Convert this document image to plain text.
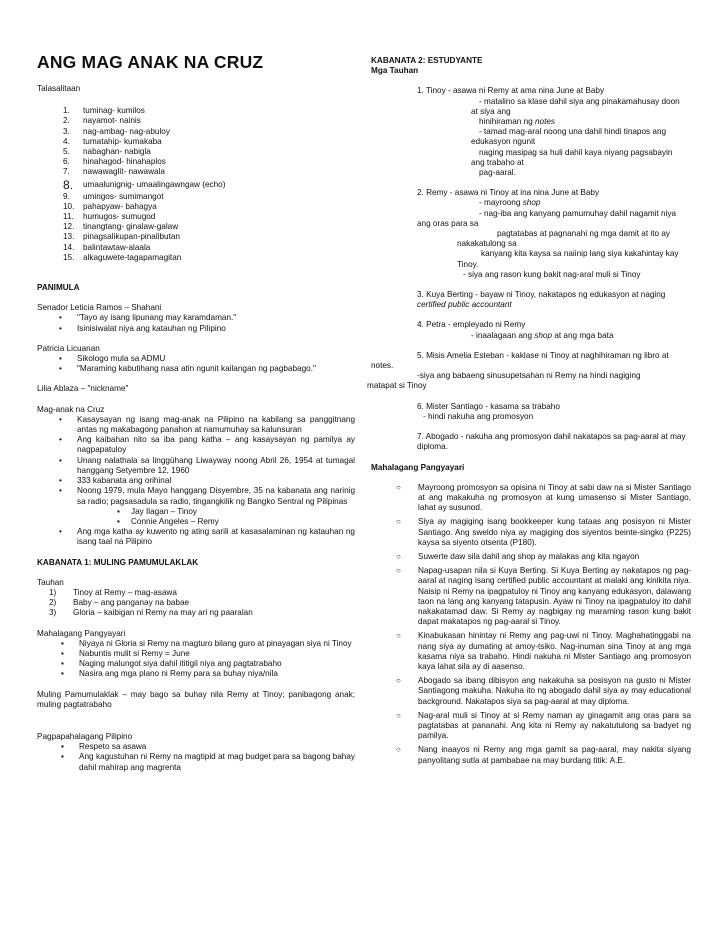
ANG MAG ANAK NA CRUZ

Talasalitaan

1.	tuminag- kumilos
2.	nayamot- nainis
3.	nag-ambag- nag-abuloy
4.	tumatahip- kumakaba
5.	nabaghan- nabigla
6.	hinahagod- hinahaplos
7.	nawawaglit- nawawala
8.	umaalunignig- umaalingawngaw (echo)
9.	umingos- sumimangot
10.	pahapyaw- bahagya
11.	humugos- sumugod
12.	tinangtang- ginalaw-galaw
13.	pinagsalikupan-pinalibutan
14.	balintawtaw-alaala
15.	alkaguwete-tagapamagitan

PANIMULA

Senador Leticia Ramos – Shahani

• "Tayo ay isang lipunang may karamdaman."
• Isinisiwalat niya ang katauhan ng Pilipino

Patricia Licuanan

• Sikologo mula sa ADMU
• "Maraming kabutihang nasa atin ngunit kailangan ng pagbabago."

Lilia Ablaza – "nickname"

Mag-anak na Cruz

• Kasaysayan ng isang mag-anak na Pilipino na kabilang sa panggitnang antas ng makabagong panahon at namumuhay sa kalunsuran
• Ang kaibahan nito sa iba pang katha – ang kasaysayan ng pamilya ay nagpapatuloy
• Unang nalathala sa linggühang Liwayway noong Abril 26, 1954 at tumagal hanggang Setyembre 12, 1960
• 333 kabanata ang orihinal
• Noong 1979, mula Mayo hanggang Disyembre, 35 na kabanata ang narinig sa radio; pagsasadula sa radio, tingangkilik ng Bangko Sentral ng Pilipinas
▪ Jay Ilagan – Tinoy
▪ Connie Angeles – Remy
• Ang mga katha ay kuwento ng ating sarili at kasasalaminan ng katauhan ng isang taal na Pilipino

KABANATA 1: MULING PAMUMULAKLAK

Tauhan

1)	Tinoy at Remy – mag-asawa
2)	Baby – ang panganay na babae
3)	Gloria – kaibigan ni Remy na may ari ng paaralan

Mahalagang Pangyayari

▪ Niyaya ni Gloria si Remy na magturo bilang guro at pinayagan siya ni Tinoy
▪ Nabuntis mulit si Remy = June
▪ Naging malungot siya dahil ititigil niya ang pagtatrabaho
▪ Nasira ang mga plano ni Remy para sa buhay niya/nila

Muling Pamumulaklak – may bago sa buhay nila Remy at Tinoy; panibagong anak; muling pagtatrabaho

Pagpapahalagang Pilipino

▪ Respeto sa asawa
▪ Ang kagustuhan ni Remy na magtipid at mag budget para sa bagong bahay dahil mahirap ang magrenta

KABANATA 2: ESTUDYANTE

Mga Tauhan

1. Tinoy - asawa ni Remy at ama nina June at Baby

- matalino sa klase dahil siya ang pinakamahusay doon

at siya ang

hinihiraman ng notes

- tamad mag-aral noong una dahil hindi tinapos ang

edukasyon ngunit

naging masipag sa huli dahil kaya niyang pagsabayin

ang trabaho at

pag-aaral.

2. Remy - asawa ni Tinoy at ina nina June at Baby

- mayroong shop

- nag-iba ang kanyang pamumuhay dahil nagamit niya

ang oras para sa

pagtatabas at pagnanahi ng mga damit at ito ay

nakakatulong sa

kanyang kita kaysa sa naiinip lang siya kakahintay kay

Tinoy.

- siya ang rason kung bakit nag-aral muli si Tinoy

3. Kuya Berting - bayaw ni Tinoy, nakatapos ng edukasyon at naging

certified public accountant

4. Petra - empleyado ni Remy

- inaalagaan ang shop at ang mga bata

5. Misis Amelia Esteban - kaklase ni Tinoy at naghihiraman ng libro at

notes.

-siya ang babaeng sinusupetsahan ni Remy na hindi nagiging

matapat si Tinoy

6. Mister Santiago - kasama sa trabaho

- hindi nakuha ang promosyon

7. Abogado - nakuha ang promosyon dahil nakatapos sa pag-aaral at may diploma.

Mahalagang Pangyayari

○ Mayroong promosyon sa opisina ni Tinoy at sabi daw na si Mister Santiago at ang makakuha ng promosyon at kung umasenso si Mister Santiago, lahat ay susunod.
○ Siya ay magiging isang bookkeeper kung tataas ang posisyon ni Mister Santiago. Ang sweldo niya ay magiging dos siyentos beinte-singko (P225) kaysa sa siyento otsenta (P180).
○ Suwerte daw sila dahil ang shop ay malakas ang kita ngayon
○ Napag-usapan nila si Kuya Berting. Si Kuya Berting ay nakatapos ng pag-aaral at naging isang certified public accountant at malaki ang kinikita niya. Naisip ni Remy na ipagpatuloy ni Tinoy ang kanyang edukasyon, dalawang taon na lang ang kanyang tatapusin. Ayaw ni Tinoy na ipagpatuloy ito dahil nakakatamad daw. Si Remy ay nagbigay ng maraming rason kung bakit dapat makatapos ng pag-aaral si Tinoy.
○ Kinabukasan hinintay ni Remy ang pag-uwi ni Tinoy. Maghahatinggabi na nang siya ay dumating at amoy-tsiko. Nag-inuman sina Tinoy at ang mga kasama niya sa trabaho. Hindi nakuha ni Mister Santiago ang promosyon kaya lahat sila ay di aasenso.
○ Abogado sa ibang dibisyon ang nakakuha sa posisyon na gusto ni Mister Santiagong makuha. Nakuha ito ng abogado dahil siya ay may educational background. Nakatapos siya sa pag-aaral at may diploma.
○ Nag-aral muli si Tinoy at si Remy naman ay ginagamit ang oras para sa pagtatabas at pananahi. Ang kita ni Remy ay nakatutulong sa badyet ng pamilya.
○ Nang inaayos ni Remy ang mga gamit sa pag-aaral, may nakita siyang panyolitang sutla at pambabae na may burdang titik: A.E.
